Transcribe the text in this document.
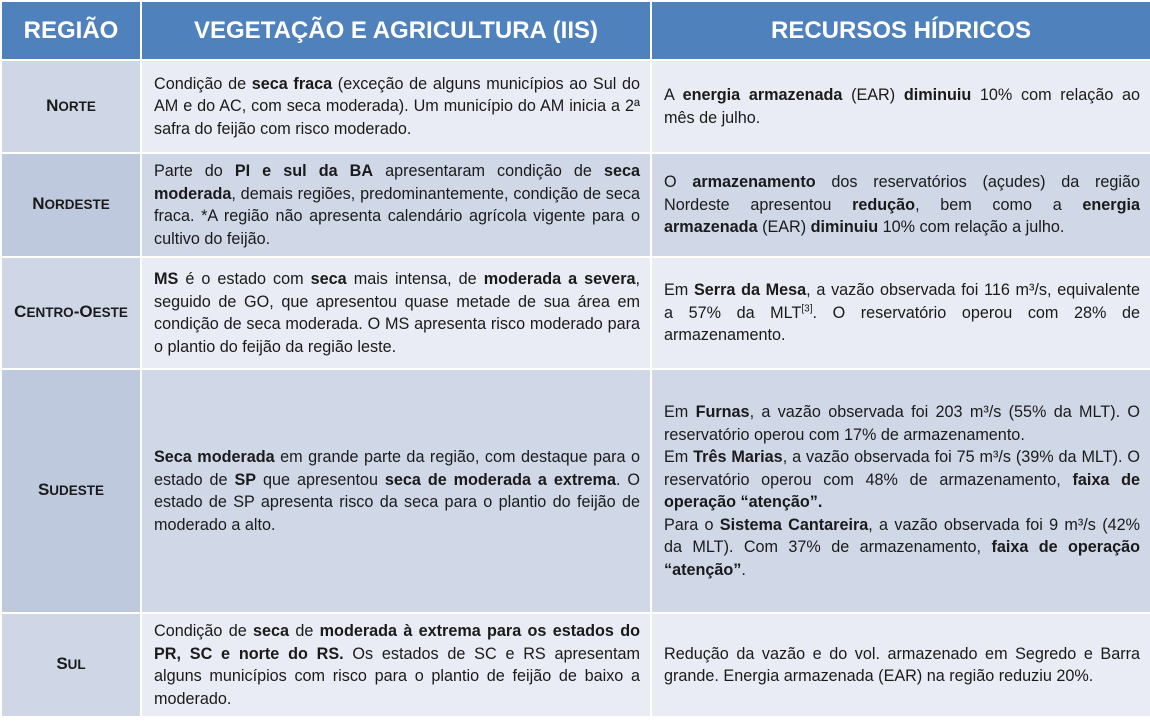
REGIÃO	VEGETAÇÃO E AGRICULTURA (IIS)	RECURSOS HÍDRICOS
NORTE	Condição de seca fraca (exceção de alguns municípios ao Sul do AM e do AC, com seca moderada). Um município do AM inicia a 2ª safra do feijão com risco moderado.	A energia armazenada (EAR) diminuiu 10% com relação ao mês de julho.
NORDESTE	Parte do PI e sul da BA apresentaram condição de seca moderada, demais regiões, predominantemente, condição de seca fraca. *A região não apresenta calendário agrícola vigente para o cultivo do feijão.	O armazenamento dos reservatórios (açudes) da região Nordeste apresentou redução, bem como a energia armazenada (EAR) diminuiu 10% com relação a julho.
CENTRO-OESTE	MS é o estado com seca mais intensa, de moderada a severa, seguido de GO, que apresentou quase metade de sua área em condição de seca moderada. O MS apresenta risco moderado para o plantio do feijão da região leste.	Em Serra da Mesa, a vazão observada foi 116 m³/s, equivalente a 57% da MLT[3]. O reservatório operou com 28% de armazenamento.
SUDESTE	Seca moderada em grande parte da região, com destaque para o estado de SP que apresentou seca de moderada a extrema. O estado de SP apresenta risco da seca para o plantio do feijão de moderado a alto.	Em Furnas, a vazão observada foi 203 m³/s (55% da MLT). O reservatório operou com 17% de armazenamento.
Em Três Marias, a vazão observada foi 75 m³/s (39% da MLT). O reservatório operou com 48% de armazenamento, faixa de operação “atenção”.
Para o Sistema Cantareira, a vazão observada foi 9 m³/s (42% da MLT). Com 37% de armazenamento, faixa de operação “atenção”.

SUL	Condição de seca de moderada à extrema para os estados do PR, SC e norte do RS. Os estados de SC e RS apresentam alguns municípios com risco para o plantio de feijão de baixo a moderado.	Redução da vazão e do vol. armazenado em Segredo e Barra grande. Energia armazenada (EAR) na região reduziu 20%.
